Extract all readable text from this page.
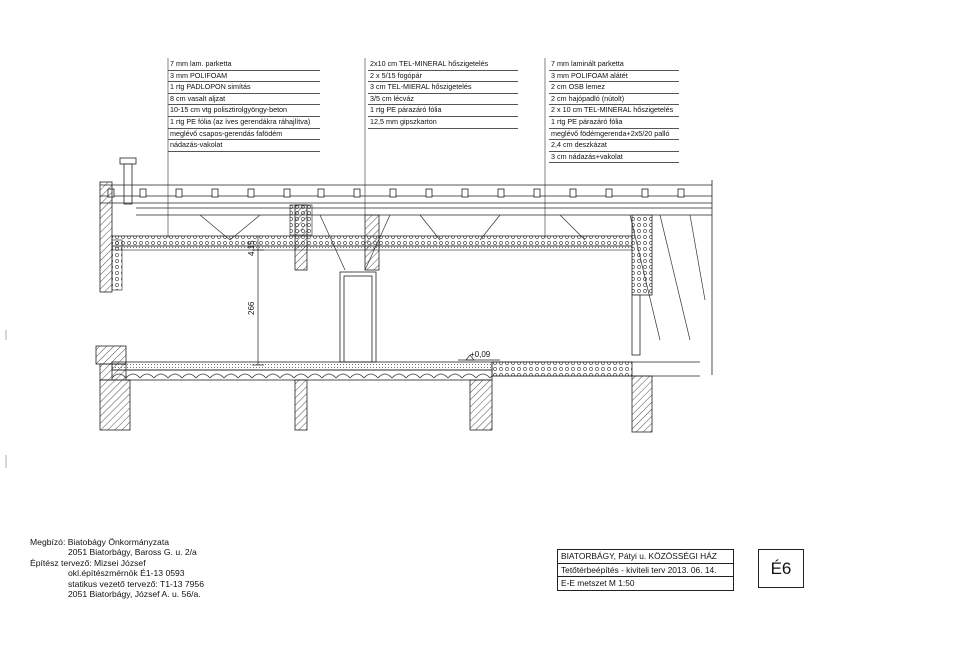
4,15
266
+0,09
7 mm lam. parketta
3 mm POLIFOAM
1 rtg PADLOPON simítás
8 cm vasalt aljzat
10-15 cm vtg polisztirolgyöngy-beton
1 rtg PE fólia (az íves gerendákra ráhajlítva)
meglévő csapos-gerendás fafödém
nádazás-vakolat
2x10 cm TEL-MINERAL hőszigetelés
2 x 5/15 fogópár
3 cm TEL-MIERAL hőszigetelés
3/5 cm lécváz
1 rtg PE párazáró fólia
12,5 mm gipszkarton
7 mm laminált parketta
3 mm POLIFOAM alátét
2 cm OSB lemez
2 cm hajópadló (nútolt)
2 x 10 cm TEL-MINERAL hőszigetelés
1 rtg PE párazáró fólia
meglévő födémgerenda+2x5/20 palló
2,4 cm deszkázat
3 cm nádazás+vakolat
Megbízó: Biatobágy Önkormányzata
2051 Biatorbágy, Baross G. u. 2/a
Építész tervező: Mizsei József
okl.építészmérnök É1-13 0593
statikus vezető tervező: T1-13 7956
2051 Biatorbágy, József A. u. 56/a.
BIATORBÁGY, Pátyi u. KÖZÖSSÉGI HÁZ
Tetőtérbeépítés - kiviteli terv 2013. 06. 14.
E-E metszet M 1:50
É6
